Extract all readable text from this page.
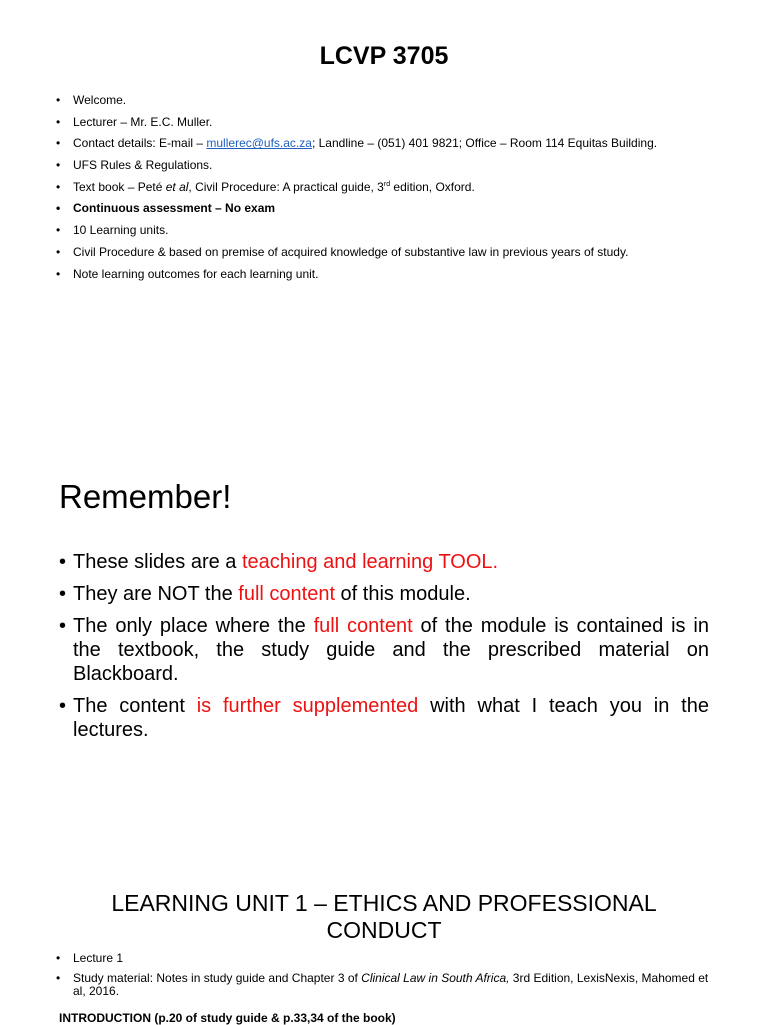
LCVP 3705
• Welcome.
• Lecturer – Mr. E.C. Muller.
• Contact details: E-mail – mullerec@ufs.ac.za; Landline – (051) 401 9821; Office – Room 114 Equitas Building.
• UFS Rules & Regulations.
• Text book – Peté et al, Civil Procedure: A practical guide, 3rd edition, Oxford.
• Continuous assessment – No exam
• 10 Learning units.
• Civil Procedure & based on premise of acquired knowledge of substantive law in previous years of study.
• Note learning outcomes for each learning unit.
Remember!
• These slides are a teaching and learning TOOL.
• They are NOT the full content of this module.
• The only place where the full content of the module is contained is in the textbook, the study guide and the prescribed material on Blackboard.
• The content is further supplemented with what I teach you in the lectures.
LEARNING UNIT 1 – ETHICS AND PROFESSIONAL CONDUCT
• Lecture 1
• Study material: Notes in study guide and Chapter 3 of Clinical Law in South Africa, 3rd Edition, LexisNexis, Mahomed et al, 2016.
INTRODUCTION (p.20 of study guide & p.33,34 of the book)
